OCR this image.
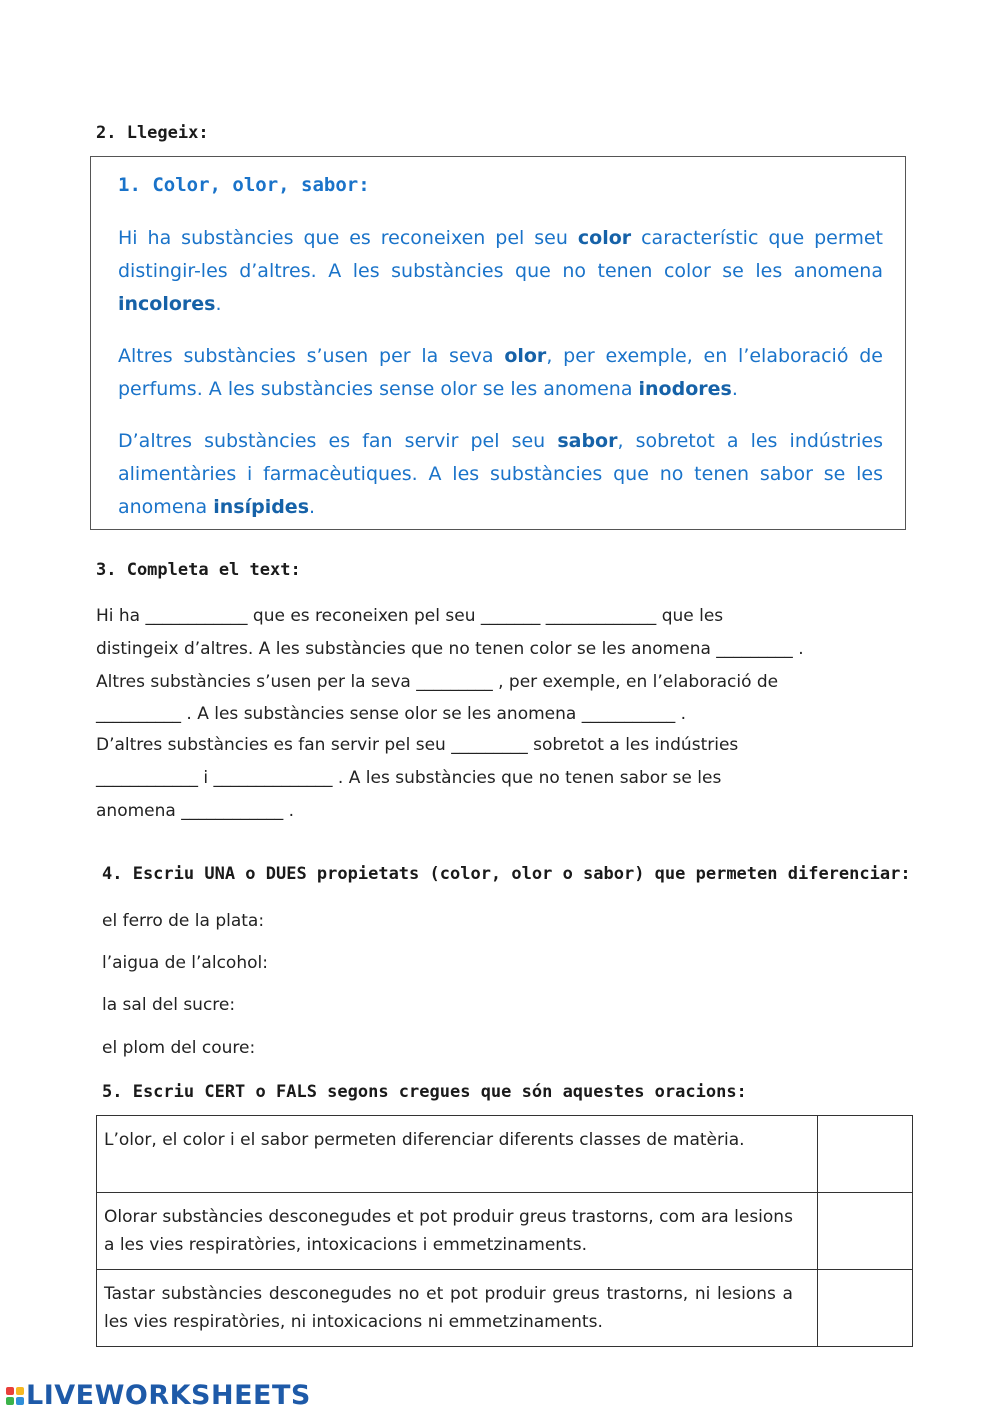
2. Llegeix:
1. Color, olor, sabor:

Hi ha substàncies que es reconeixen pel seu color característic que permet distingir-les d’altres. A les substàncies que no tenen color se les anomena incolores.

Altres substàncies s’usen per la seva olor, per exemple, en l’elaboració de perfums. A les substàncies sense olor se les anomena inodores.

D’altres substàncies es fan servir pel seu sabor, sobretot a les indústries alimentàries i farmacèutiques. A les substàncies que no tenen sabor se les anomena insípides.

3. Completa el text:
Hi ha ____________ que es reconeixen pel seu _______ _____________ que les
distingeix d’altres. A les substàncies que no tenen color se les anomena _________ .
Altres substàncies s’usen per la seva _________ , per exemple, en l’elaboració de
__________ . A les substàncies sense olor se les anomena ___________ .
D’altres substàncies es fan servir pel seu _________ sobretot a les indústries
____________ i ______________ . A les substàncies que no tenen sabor se les
anomena ____________ .
4. Escriu UNA o DUES propietats (color, olor o sabor) que permeten diferenciar:
el ferro de la plata:
l’aigua de l’alcohol:
la sal del sucre:
el plom del coure:
5. Escriu CERT o FALS segons cregues que són aquestes oracions:
L’olor, el color i el sabor permeten diferenciar diferents classes de matèria.	
Olorar substàncies desconegudes et pot produir greus trastorns, com ara lesions a les vies respiratòries, intoxicacions i emmetzinaments.	
Tastar substàncies desconegudes no et pot produir greus trastorns, ni lesions a les vies respiratòries, ni intoxicacions ni emmetzinaments.	
LIVEWORKSHEETS
